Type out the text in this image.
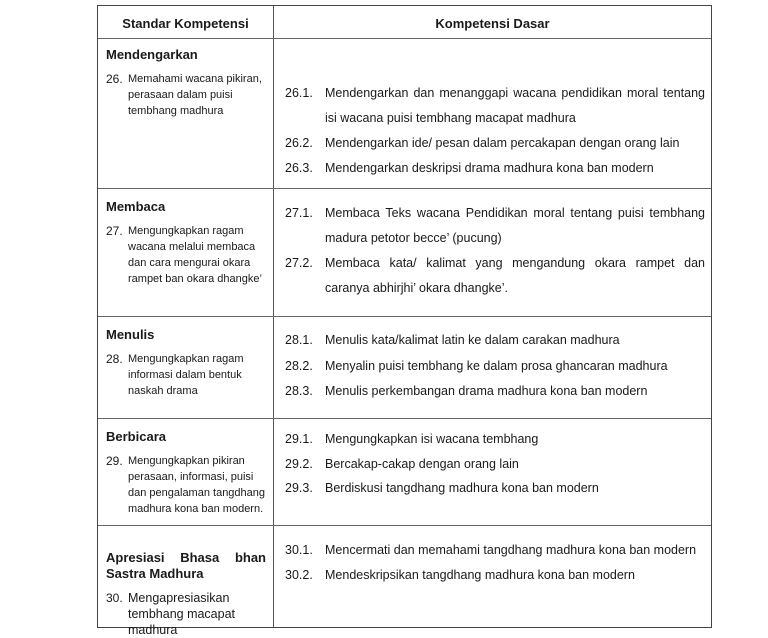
Standar Kompetensi	Kompetensi Dasar
Mendengarkan
26. Memahami wacana pikiran, perasaan dalam puisi tembhang madhura
26.1. Mendengarkan dan menanggapi wacana pendidikan moral tentang isi wacana puisi tembhang macapat madhura
26.2. Mendengarkan ide/ pesan dalam percakapan dengan orang lain
26.3. Mendengarkan deskripsi drama madhura kona ban modern
Membaca
27. Mengungkapkan ragam wacana melalui membaca dan cara mengurai okara rampet ban okara dhangke’
27.1. Membaca Teks wacana Pendidikan moral tentang puisi tembhang madura petotor becce’ (pucung)
27.2. Membaca kata/ kalimat yang mengandung okara rampet dan caranya abhirjhi’ okara dhangke’.
Menulis
28. Mengungkapkan ragam informasi dalam bentuk naskah drama
28.1. Menulis kata/kalimat latin ke dalam carakan madhura
28.2. Menyalin puisi tembhang ke dalam prosa ghancaran madhura
28.3. Menulis perkembangan drama madhura kona ban modern
Berbicara
29. Mengungkapkan pikiran perasaan, informasi, puisi dan pengalaman tangdhang madhura kona ban modern.
29.1. Mengungkapkan isi wacana tembhang
29.2. Bercakap-cakap dengan orang lain
29.3. Berdiskusi tangdhang madhura kona ban modern
Apresiasi Bhasa bhan Sastra Madhura
30. Mengapresiasikan tembhang macapat madhura
30.1. Mencermati dan memahami tangdhang madhura kona ban modern
30.2. Mendeskripsikan tangdhang madhura kona ban modern
